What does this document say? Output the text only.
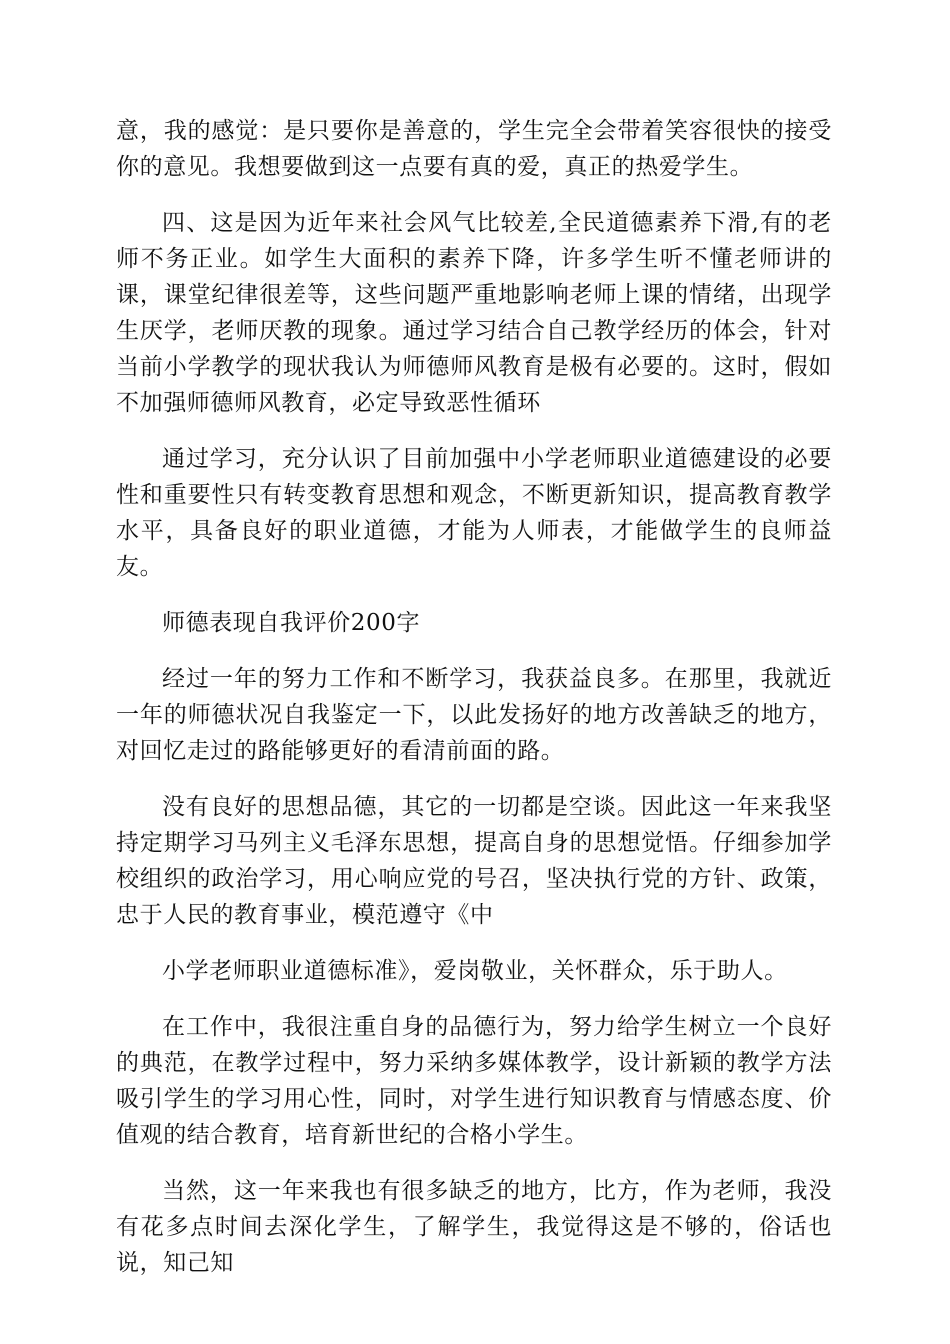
意，我的感觉：是只要你是善意的，学生完全会带着笑容很快的接受你的意见。我想要做到这一点要有真的爱，真正的热爱学生。

四、这是因为近年来社会风气比较差,全民道德素养下滑,有的老师不务正业。如学生大面积的素养下降，许多学生听不懂老师讲的课，课堂纪律很差等，这些问题严重地影响老师上课的情绪，出现学生厌学，老师厌教的现象。通过学习结合自己教学经历的体会，针对当前小学教学的现状我认为师德师风教育是极有必要的。这时，假如不加强师德师风教育，必定导致恶性循环

通过学习，充分认识了目前加强中小学老师职业道德建设的必要性和重要性只有转变教育思想和观念，不断更新知识，提高教育教学水平，具备良好的职业道德，才能为人师表，才能做学生的良师益友。

师德表现自我评价200字

经过一年的努力工作和不断学习，我获益良多。在那里，我就近一年的师德状况自我鉴定一下，以此发扬好的地方改善缺乏的地方，对回忆走过的路能够更好的看清前面的路。

没有良好的思想品德，其它的一切都是空谈。因此这一年来我坚持定期学习马列主义毛泽东思想，提高自身的思想觉悟。仔细参加学校组织的政治学习，用心响应党的号召，坚决执行党的方针、政策，忠于人民的教育事业，模范遵守《中

小学老师职业道德标准》，爱岗敬业，关怀群众，乐于助人。

在工作中，我很注重自身的品德行为，努力给学生树立一个良好的典范，在教学过程中，努力采纳多媒体教学，设计新颖的教学方法吸引学生的学习用心性，同时，对学生进行知识教育与情感态度、价值观的结合教育，培育新世纪的合格小学生。

当然，这一年来我也有很多缺乏的地方，比方，作为老师，我没有花多点时间去深化学生，了解学生，我觉得这是不够的，俗话也说，知己知
